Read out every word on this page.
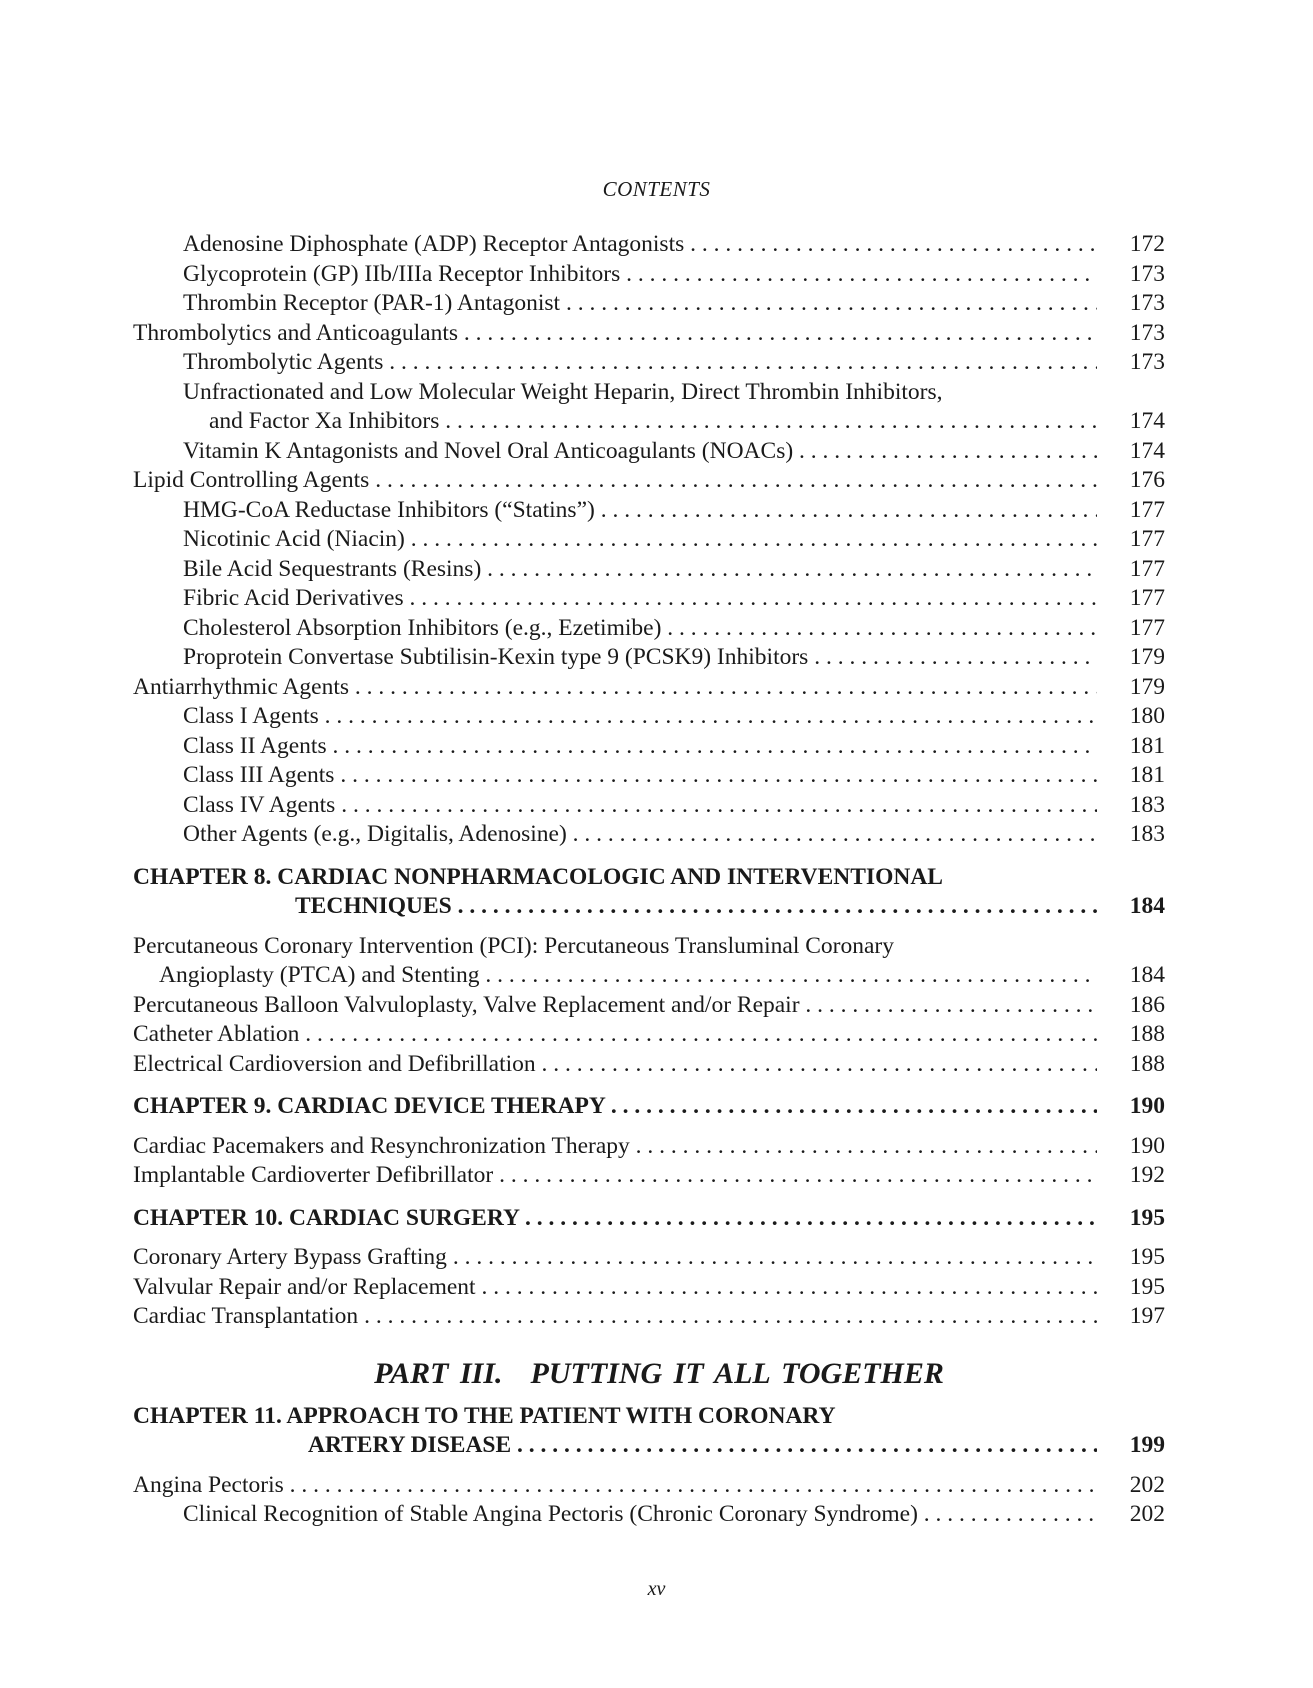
CONTENTS
Adenosine Diphosphate (ADP) Receptor Antagonists . . .	172
Glycoprotein (GP) IIb/IIIa Receptor Inhibitors . . .	173
Thrombin Receptor (PAR-1) Antagonist . . .	173
Thrombolytics and Anticoagulants . . .	173
Thrombolytic Agents . . .	173
Unfractionated and Low Molecular Weight Heparin, Direct Thrombin Inhibitors,
and Factor Xa Inhibitors . . .	174
Vitamin K Antagonists and Novel Oral Anticoagulants (NOACs) . . .	174
Lipid Controlling Agents . . .	176
HMG-CoA Reductase Inhibitors (“Statins”) . . .	177
Nicotinic Acid (Niacin) . . .	177
Bile Acid Sequestrants (Resins) . . .	177
Fibric Acid Derivatives . . .	177
Cholesterol Absorption Inhibitors (e.g., Ezetimibe) . . .	177
Proprotein Convertase Subtilisin-Kexin type 9 (PCSK9) Inhibitors . . .	179
Antiarrhythmic Agents . . .	179
Class I Agents . . .	180
Class II Agents . . .	181
Class III Agents . . .	181
Class IV Agents . . .	183
Other Agents (e.g., Digitalis, Adenosine) . . .	183
CHAPTER 8. CARDIAC NONPHARMACOLOGIC AND INTERVENTIONAL
TECHNIQUES . . .	184
Percutaneous Coronary Intervention (PCI): Percutaneous Transluminal Coronary
Angioplasty (PTCA) and Stenting . . .	184
Percutaneous Balloon Valvuloplasty, Valve Replacement and/or Repair . . .	186
Catheter Ablation . . .	188
Electrical Cardioversion and Defibrillation . . .	188
CHAPTER 9. CARDIAC DEVICE THERAPY . . .	190
Cardiac Pacemakers and Resynchronization Therapy . . .	190
Implantable Cardioverter Defibrillator . . .	192
CHAPTER 10. CARDIAC SURGERY . . .	195
Coronary Artery Bypass Grafting . . .	195
Valvular Repair and/or Replacement . . .	195
Cardiac Transplantation . . .	197
PART III. PUTTING IT ALL TOGETHER
CHAPTER 11. APPROACH TO THE PATIENT WITH CORONARY
ARTERY DISEASE . . .	199
Angina Pectoris . . .	202
Clinical Recognition of Stable Angina Pectoris (Chronic Coronary Syndrome) . . .	202
xv
